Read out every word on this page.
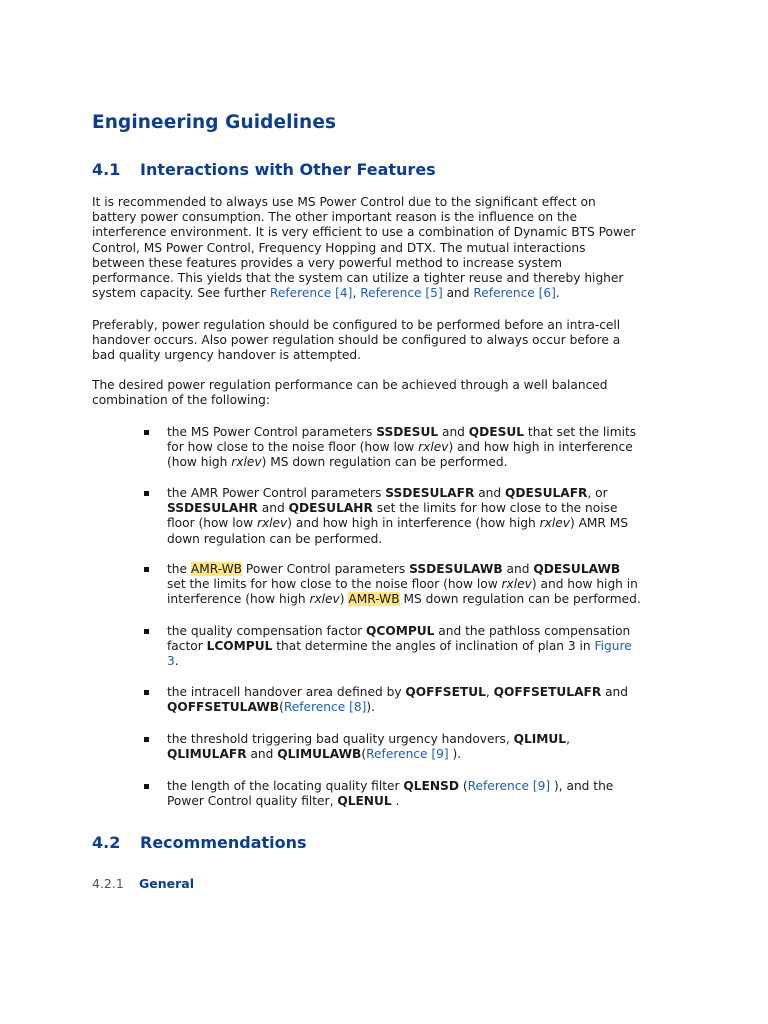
Engineering Guidelines
4.1 Interactions with Other Features
It is recommended to always use MS Power Control due to the significant effect on
battery power consumption. The other important reason is the influence on the
interference environment. It is very efficient to use a combination of Dynamic BTS Power
Control, MS Power Control, Frequency Hopping and DTX. The mutual interactions
between these features provides a very powerful method to increase system
performance. This yields that the system can utilize a tighter reuse and thereby higher
system capacity. See further Reference [4], Reference [5] and Reference [6].
Preferably, power regulation should be configured to be performed before an intra-cell
handover occurs. Also power regulation should be configured to always occur before a
bad quality urgency handover is attempted.
The desired power regulation performance can be achieved through a well balanced
combination of the following:
the MS Power Control parameters SSDESUL and QDESUL that set the limits
for how close to the noise floor (how low rxlev) and how high in interference
(how high rxlev) MS down regulation can be performed.
the AMR Power Control parameters SSDESULAFR and QDESULAFR, or
SSDESULAHR and QDESULAHR set the limits for how close to the noise
floor (how low rxlev) and how high in interference (how high rxlev) AMR MS
down regulation can be performed.
the AMR-WB Power Control parameters SSDESULAWB and QDESULAWB
set the limits for how close to the noise floor (how low rxlev) and how high in
interference (how high rxlev) AMR-WB MS down regulation can be performed.
the quality compensation factor QCOMPUL and the pathloss compensation
factor LCOMPUL that determine the angles of inclination of plan 3 in Figure
3.
the intracell handover area defined by QOFFSETUL, QOFFSETULAFR and
QOFFSETULAWB(Reference [8]).
the threshold triggering bad quality urgency handovers, QLIMUL,
QLIMULAFR and QLIMULAWB(Reference [9] ).
the length of the locating quality filter QLENSD (Reference [9] ), and the
Power Control quality filter, QLENUL .
4.2 Recommendations
4.2.1 General
